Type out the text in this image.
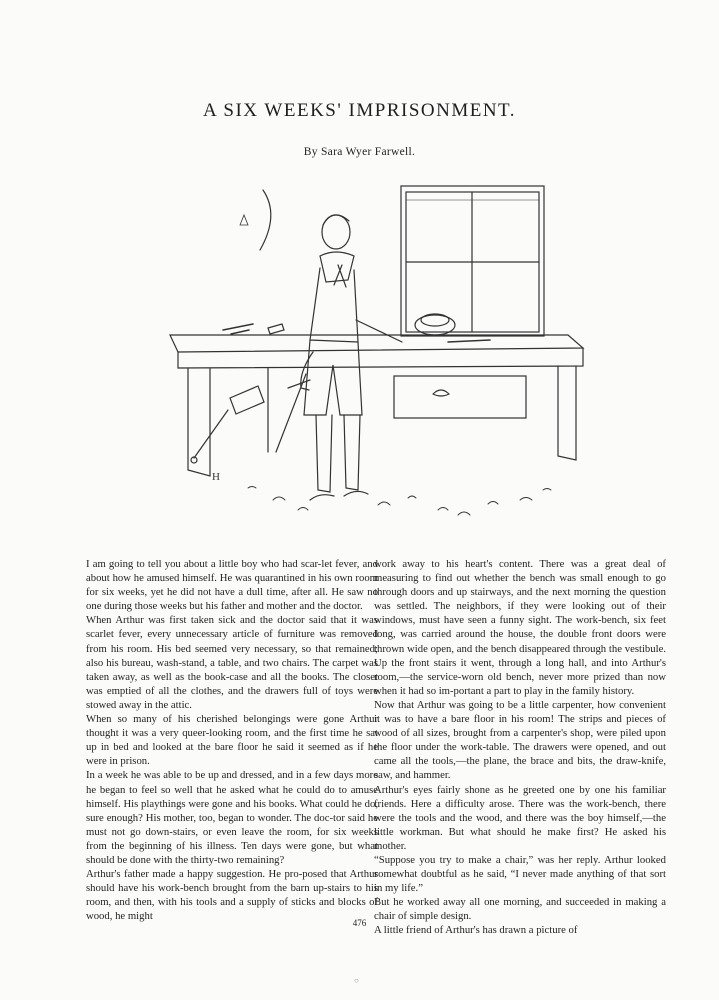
A SIX WEEKS' IMPRISONMENT.
By Sara Wyer Farwell.
H

I am going to tell you about a little boy who had scar-let fever, and about how he amused himself. He was quarantined in his own room for six weeks, yet he did not have a dull time, after all. He saw no one during those weeks but his father and mother and the doctor.

When Arthur was first taken sick and the doctor said that it was scarlet fever, every unnecessary article of furniture was removed from his room. His bed seemed very necessary, so that remained; also his bureau, wash-stand, a table, and two chairs. The carpet was taken away, as well as the book-case and all the books. The closet was emptied of all the clothes, and the drawers full of toys were stowed away in the attic.

When so many of his cherished belongings were gone Arthur thought it was a very queer-looking room, and the first time he sat up in bed and looked at the bare floor he said it seemed as if he were in prison.

In a week he was able to be up and dressed, and in a few days more he began to feel so well that he asked what he could do to amuse himself. His playthings were gone and his books. What could he do, sure enough? His mother, too, began to wonder. The doc-tor said he must not go down-stairs, or even leave the room, for six weeks from the beginning of his illness. Ten days were gone, but what should be done with the thirty-two remaining?

Arthur's father made a happy suggestion. He pro-posed that Arthur should have his work-bench brought from the barn up-stairs to his room, and then, with his tools and a supply of sticks and blocks of wood, he might

work away to his heart's content. There was a great deal of measuring to find out whether the bench was small enough to go through doors and up stairways, and the next morning the question was settled. The neighbors, if they were looking out of their windows, must have seen a funny sight. The work-bench, six feet long, was carried around the house, the double front doors were thrown wide open, and the bench disappeared through the vestibule. Up the front stairs it went, through a long hall, and into Arthur's room,—the service-worn old bench, never more prized than now when it had so im-portant a part to play in the family history.

Now that Arthur was going to be a little carpenter, how convenient it was to have a bare floor in his room! The strips and pieces of wood of all sizes, brought from a carpenter's shop, were piled upon the floor under the work-table. The drawers were opened, and out came all the tools,—the plane, the brace and bits, the draw-knife, saw, and hammer.

Arthur's eyes fairly shone as he greeted one by one his familiar friends. Here a difficulty arose. There was the work-bench, there were the tools and the wood, and there was the boy himself,—the little workman. But what should he make first? He asked his mother.

“Suppose you try to make a chair,” was her reply. Arthur looked somewhat doubtful as he said, “I never made anything of that sort in my life.”

But he worked away all one morning, and succeeded in making a chair of simple design.

A little friend of Arthur's has drawn a picture of

476
○
